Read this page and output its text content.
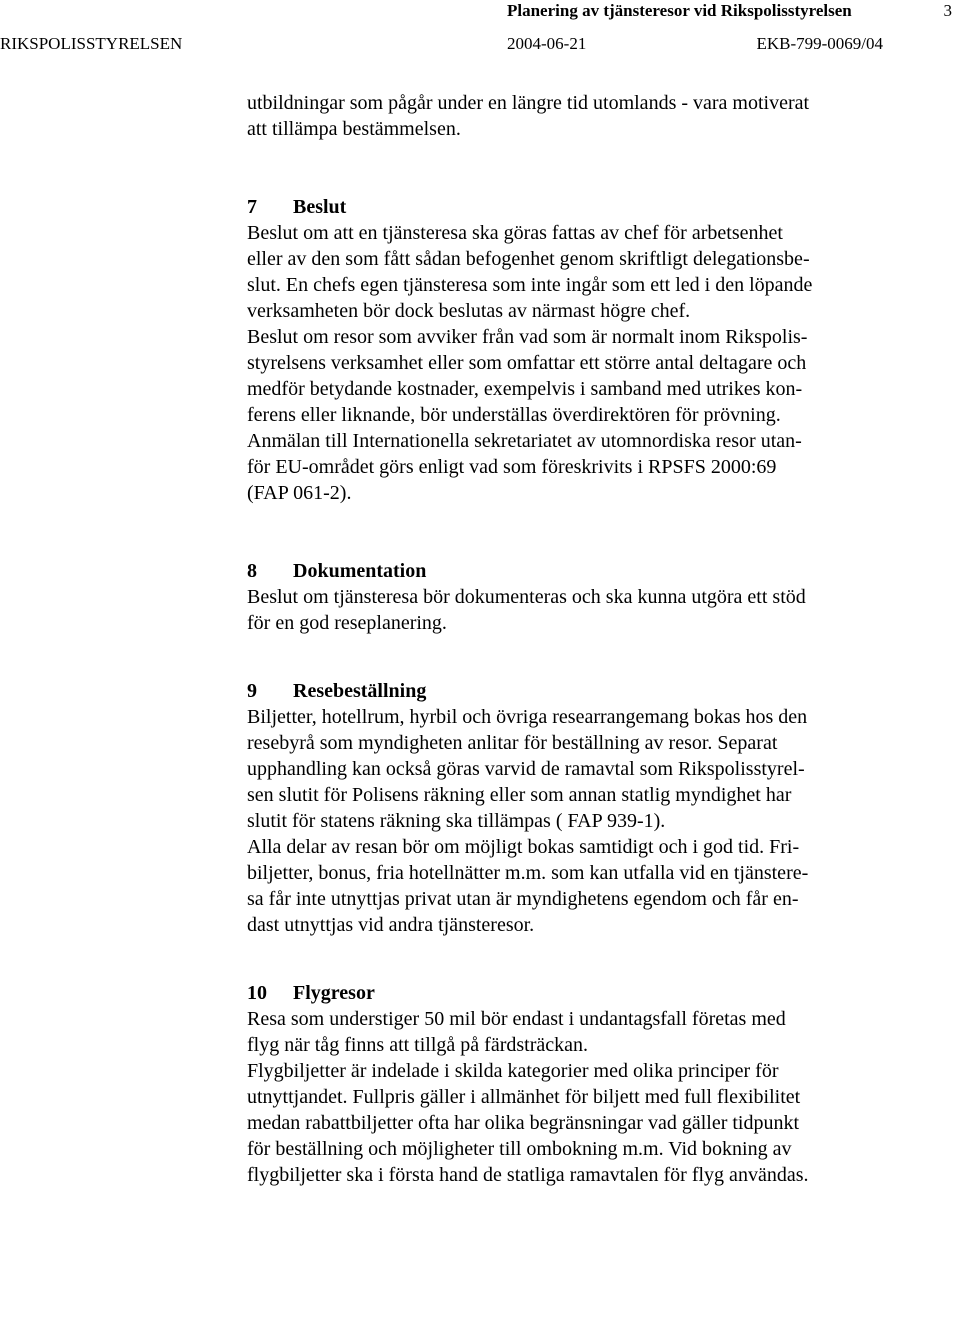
Planering av tjänsteresor vid Rikspolisstyrelsen	3
RIKSPOLISSTYRELSEN	2004-06-21	EKB-799-0069/04

utbildningar som pågår under en längre tid utomlands - vara motiverat
att tillämpa bestämmelsen.

7 Beslut

Beslut om att en tjänsteresa ska göras fattas av chef för arbetsenhet
eller av den som fått sådan befogenhet genom skriftligt delegationsbe-
slut. En chefs egen tjänsteresa som inte ingår som ett led i den löpande
verksamheten bör dock beslutas av närmast högre chef.

Beslut om resor som avviker från vad som är normalt inom Rikspolis-
styrelsens verksamhet eller som omfattar ett större antal deltagare och
medför betydande kostnader, exempelvis i samband med utrikes kon-
ferens eller liknande, bör underställas överdirektören för prövning.

Anmälan till Internationella sekretariatet av utomnordiska resor utan-
för EU-området görs enligt vad som föreskrivits i RPSFS 2000:69
(FAP 061-2).

8 Dokumentation

Beslut om tjänsteresa bör dokumenteras och ska kunna utgöra ett stöd
för en god reseplanering.

9 Resebeställning

Biljetter, hotellrum, hyrbil och övriga researrangemang bokas hos den
resebyrå som myndigheten anlitar för beställning av resor. Separat
upphandling kan också göras varvid de ramavtal som Rikspolisstyrel-
sen slutit för Polisens räkning eller som annan statlig myndighet har
slutit för statens räkning ska tillämpas ( FAP 939-1).

Alla delar av resan bör om möjligt bokas samtidigt och i god tid. Fri-
biljetter, bonus, fria hotellnätter m.m. som kan utfalla vid en tjänstere-
sa får inte utnyttjas privat utan är myndighetens egendom och får en-
dast utnyttjas vid andra tjänsteresor.

10 Flygresor

Resa som understiger 50 mil bör endast i undantagsfall företas med
flyg när tåg finns att tillgå på färdsträckan.

Flygbiljetter är indelade i skilda kategorier med olika principer för
utnyttjandet. Fullpris gäller i allmänhet för biljett med full flexibilitet
medan rabattbiljetter ofta har olika begränsningar vad gäller tidpunkt
för beställning och möjligheter till ombokning m.m. Vid bokning av
flygbiljetter ska i första hand de statliga ramavtalen för flyg användas.
